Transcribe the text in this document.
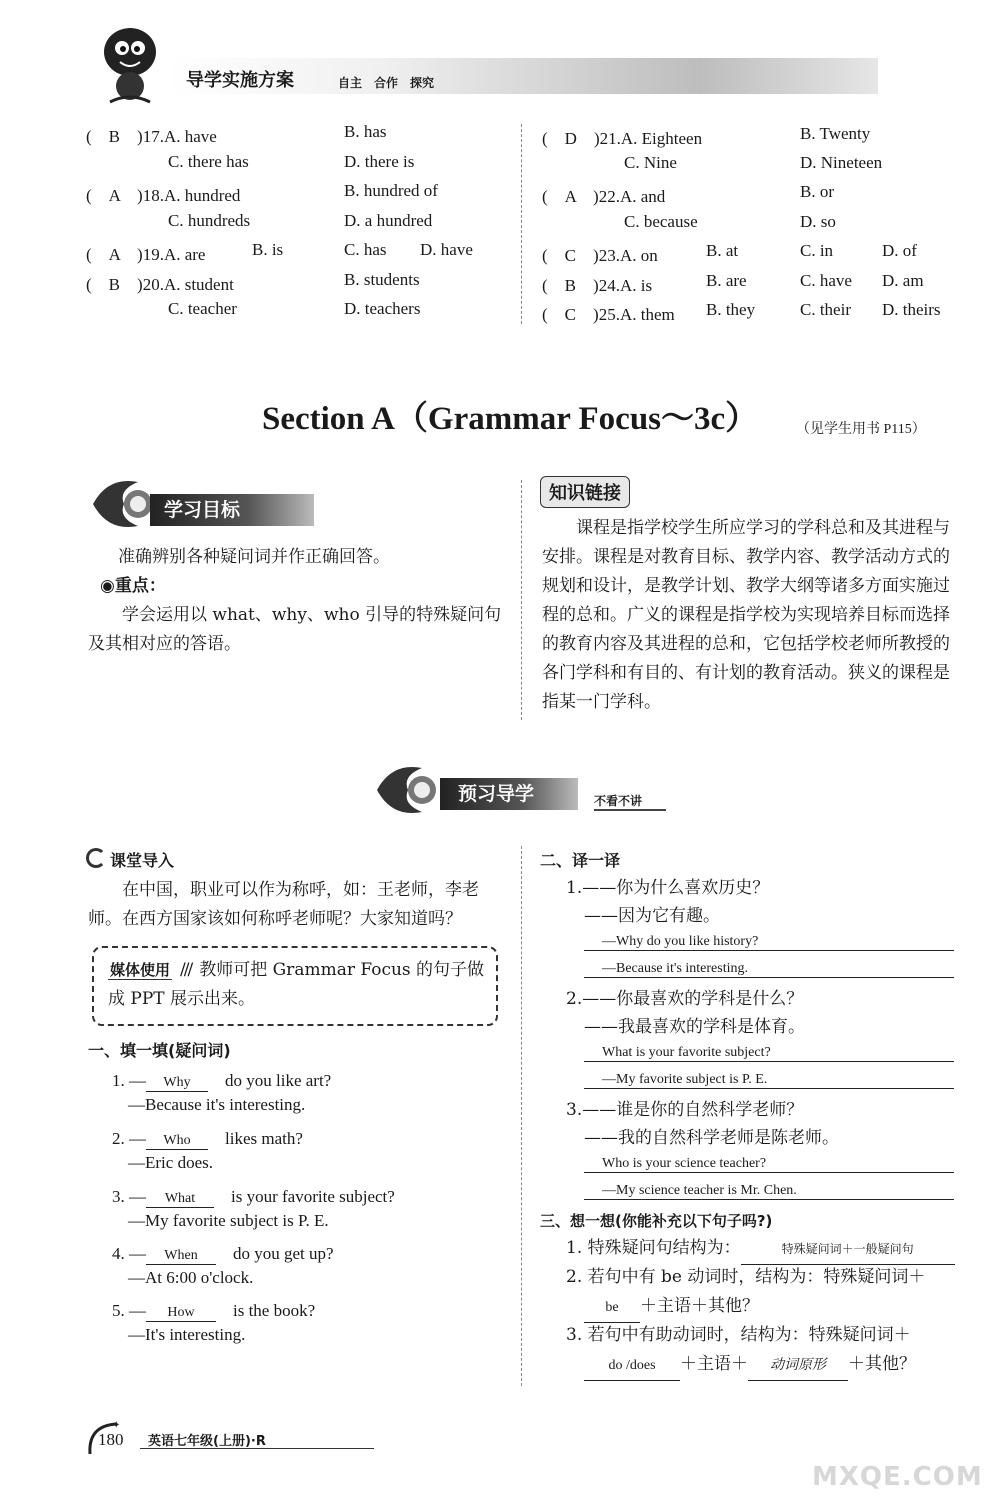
导学实施方案	自主　合作　探究
(　B　)17.A. have	B. has
C. there has	D. there is
(　A　)18.A. hundred	B. hundred of
C. hundreds	D. a hundred
(　A　)19.A. are	B. is	C. has D. have
(　B　)20.A. student	B. students
C. teacher	D. teachers
(　D　)21.A. Eighteen	B. Twenty
C. Nine	D. Nineteen
(　A　)22.A. and	B. or
C. because	D. so
(　C　)23.A. on	B. at	C. in	D. of
(　B　)24.A. is	B. are	C. have D. am
(　C　)25.A. them B. they	C. their D. theirs
Section A（Grammar Focus～3c）	（见学生用书 P115）
学习目标
准确辨别各种疑问词并作正确回答。
◉重点：
学会运用以 what、why、who 引导的特殊疑问句及其相对应的答语。
知识链接
课程是指学校学生所应学习的学科总和及其进程与安排。课程是对教育目标、教学内容、教学活动方式的规划和设计，是教学计划、教学大纲等诸多方面实施过程的总和。广义的课程是指学校为实现培养目标而选择的教育内容及其进程的总和，它包括学校老师所教授的各门学科和有目的、有计划的教育活动。狭义的课程是指某一门学科。
预习导学	不看不讲
课堂导入
在中国，职业可以作为称呼，如：王老师，李老师。在西方国家该如何称呼老师呢？大家知道吗？
媒体使用 /// 教师可把 Grammar Focus 的句子做成 PPT 展示出来。
一、填一填(疑问词)
1. — Why　 do you like art?
—Because it's interesting.
2. — Who　 likes math?
—Eric does.
3. — What　 is your favorite subject?
—My favorite subject is P. E.
4. — When　 do you get up?
—At 6:00 o'clock.
5. — How　 is the book?
—It's interesting.
二、译一译
1.——你为什么喜欢历史？
——因为它有趣。
—Why do you like history?
—Because it's interesting.
2.——你最喜欢的学科是什么？
——我最喜欢的学科是体育。
What is your favorite subject?
—My favorite subject is P. E.
3.——谁是你的自然科学老师？
——我的自然科学老师是陈老师。
Who is your science teacher?
—My science teacher is Mr. Chen.
三、想一想(你能补充以下句子吗?)
1. 特殊疑问句结构为：	特殊疑问词＋一般疑问句
2. 若句中有 be 动词时，结构为：特殊疑问词＋
be ＋主语＋其他？
3. 若句中有助动词时，结构为：特殊疑问词＋
do /does ＋主语＋ 动词原形 ＋其他？
✦
180 英语七年级(上册)·R
MXQE.COM
